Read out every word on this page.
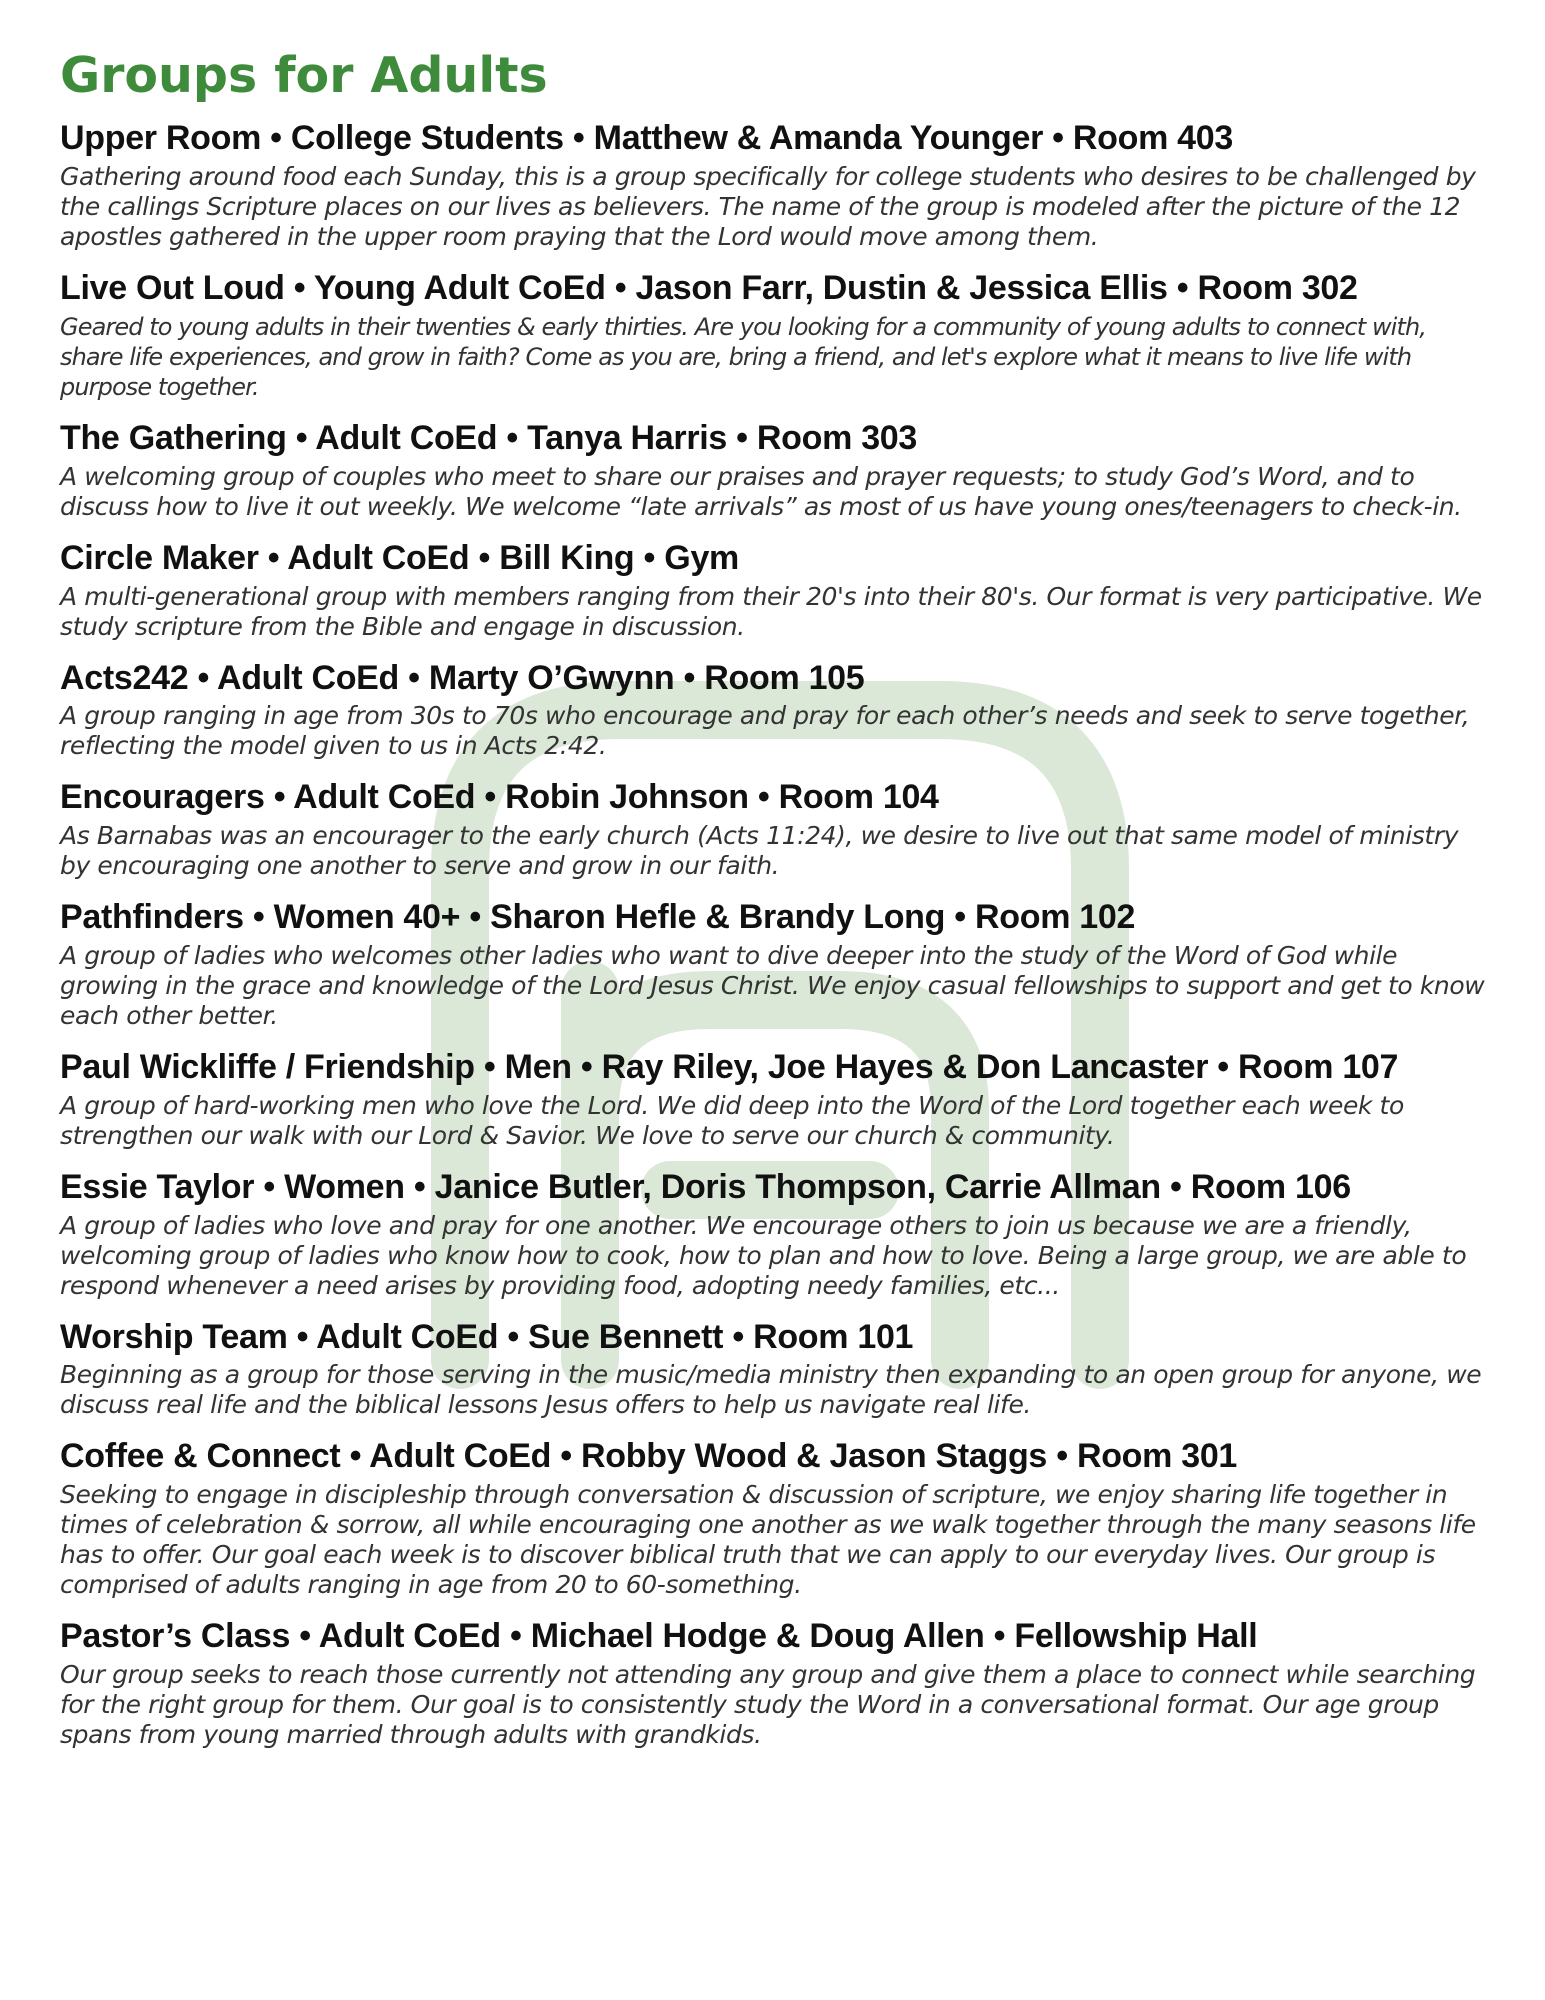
Groups for Adults
Upper Room • College Students • Matthew & Amanda Younger • Room 403

Gathering around food each Sunday, this is a group specifically for college students who desires to be challenged by the callings Scripture places on our lives as believers. The name of the group is modeled after the picture of the 12 apostles gathered in the upper room praying that the Lord would move among them.

Live Out Loud • Young Adult CoEd • Jason Farr, Dustin & Jessica Ellis • Room 302

Geared to young adults in their twenties & early thirties. Are you looking for a community of young adults to connect with, share life experiences, and grow in faith? Come as you are, bring a friend, and let's explore what it means to live life with purpose together.

The Gathering • Adult CoEd • Tanya Harris • Room 303

A welcoming group of couples who meet to share our praises and prayer requests; to study God’s Word, and to discuss how to live it out weekly. We welcome “late arrivals” as most of us have young ones/teenagers to check-in.

Circle Maker • Adult CoEd • Bill King • Gym

A multi-generational group with members ranging from their 20's into their 80's. Our format is very participative. We study scripture from the Bible and engage in discussion.

Acts242 • Adult CoEd • Marty O’Gwynn • Room 105

A group ranging in age from 30s to 70s who encourage and pray for each other’s needs and seek to serve together, reflecting the model given to us in Acts 2:42.

Encouragers • Adult CoEd • Robin Johnson • Room 104

As Barnabas was an encourager to the early church (Acts 11:24), we desire to live out that same model of ministry by encouraging one another to serve and grow in our faith.

Pathfinders • Women 40+ • Sharon Hefle & Brandy Long • Room 102

A group of ladies who welcomes other ladies who want to dive deeper into the study of the Word of God while growing in the grace and knowledge of the Lord Jesus Christ. We enjoy casual fellowships to support and get to know each other better.

Paul Wickliffe / Friendship • Men • Ray Riley, Joe Hayes & Don Lancaster • Room 107

A group of hard-working men who love the Lord. We did deep into the Word of the Lord together each week to strengthen our walk with our Lord & Savior. We love to serve our church & community.

Essie Taylor • Women • Janice Butler, Doris Thompson, Carrie Allman • Room 106

A group of ladies who love and pray for one another. We encourage others to join us because we are a friendly, welcoming group of ladies who know how to cook, how to plan and how to love. Being a large group, we are able to respond whenever a need arises by providing food, adopting needy families, etc...

Worship Team • Adult CoEd • Sue Bennett • Room 101

Beginning as a group for those serving in the music/media ministry then expanding to an open group for anyone, we discuss real life and the biblical lessons Jesus offers to help us navigate real life.

Coffee & Connect • Adult CoEd • Robby Wood & Jason Staggs • Room 301

Seeking to engage in discipleship through conversation & discussion of scripture, we enjoy sharing life together in times of celebration & sorrow, all while encouraging one another as we walk together through the many seasons life has to offer. Our goal each week is to discover biblical truth that we can apply to our everyday lives. Our group is comprised of adults ranging in age from 20 to 60-something.

Pastor’s Class • Adult CoEd • Michael Hodge & Doug Allen • Fellowship Hall

Our group seeks to reach those currently not attending any group and give them a place to connect while searching for the right group for them. Our goal is to consistently study the Word in a conversational format. Our age group spans from young married through adults with grandkids.
